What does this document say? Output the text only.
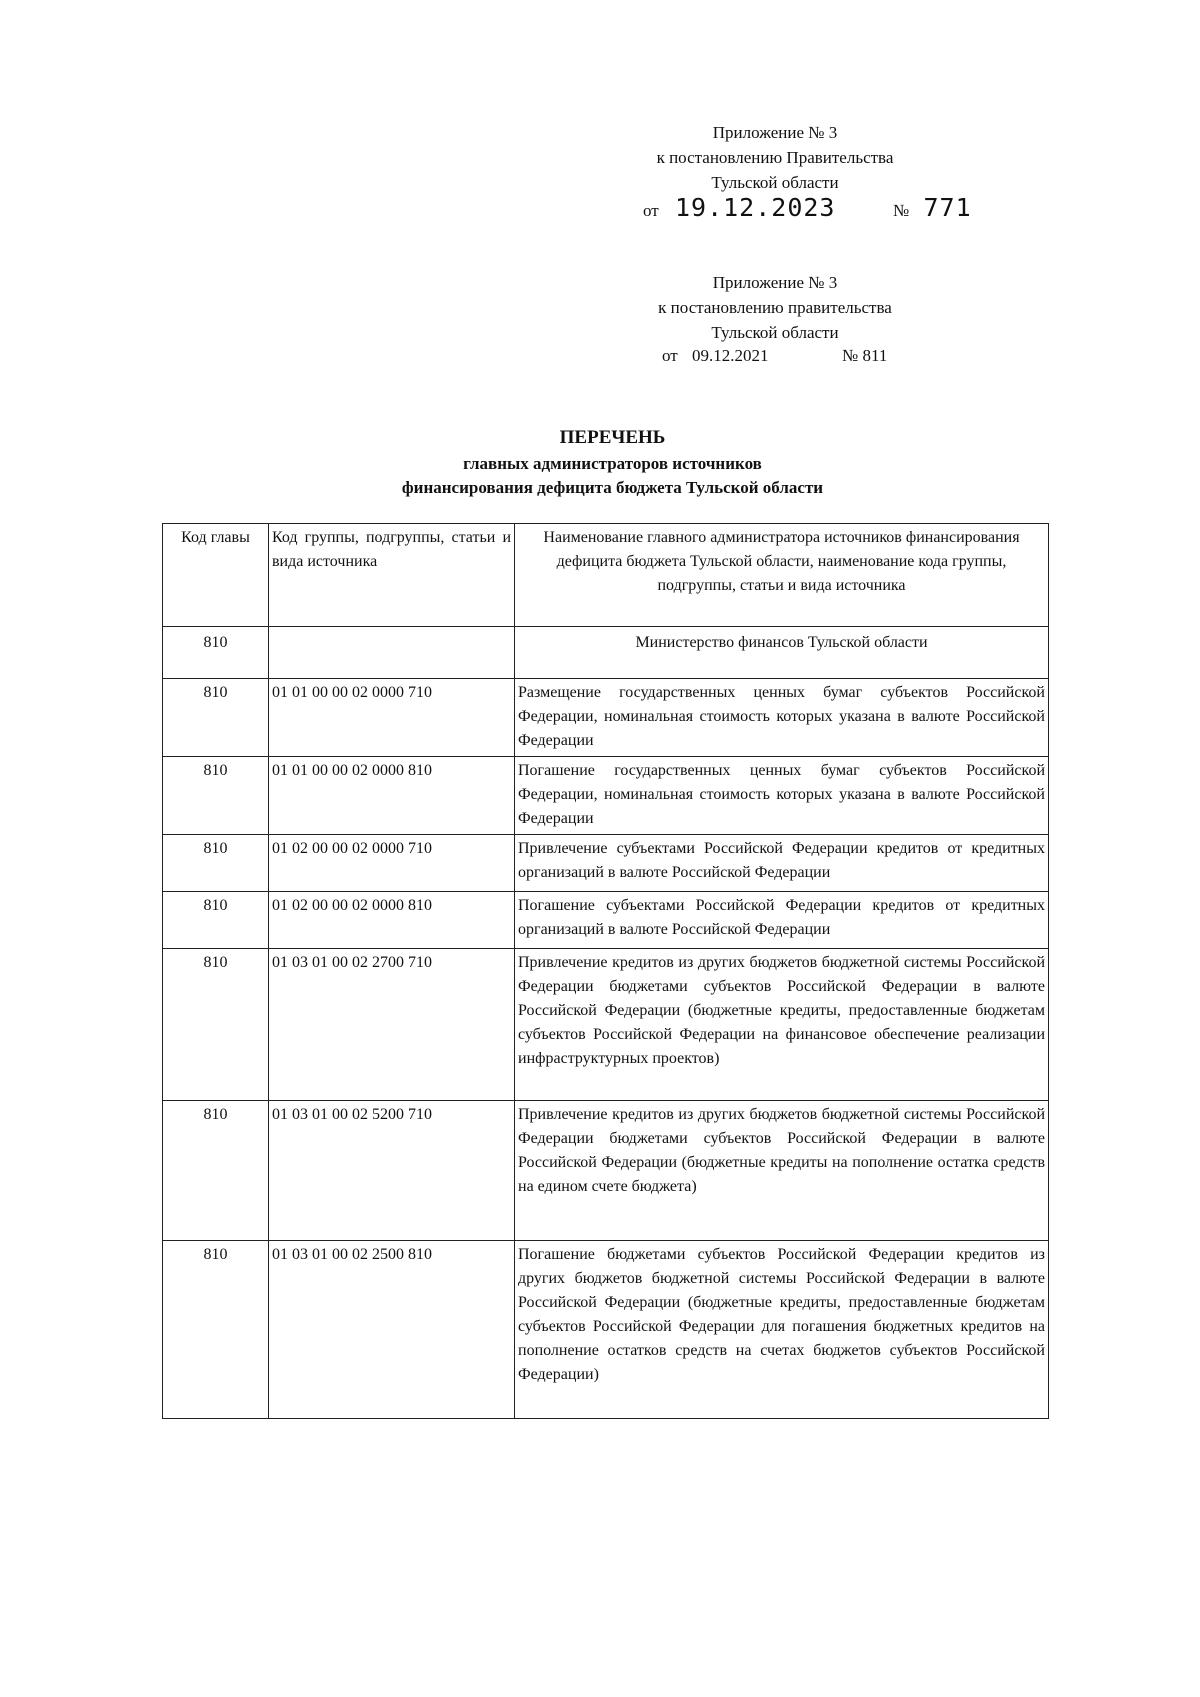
Приложение № 3
к постановлению Правительства
Тульской области
от 19.12.2023	№ 771
Приложение № 3
к постановлению правительства
Тульской области
от 09.12.2021	№ 811
ПЕРЕЧЕНЬ
главных администраторов источников
финансирования дефицита бюджета Тульской области
Код главы	Код группы, подгруппы, статьи и вида источника	Наименование главного администратора источников финансирования дефицита бюджета Тульской области, наименование кода группы, подгруппы, статьи и вида источника
810		Министерство финансов Тульской области
810	01 01 00 00 02 0000 710	Размещение государственных ценных бумаг субъектов Российской Федерации, номинальная стоимость которых указана в валюте Российской Федерации
810	01 01 00 00 02 0000 810	Погашение государственных ценных бумаг субъектов Российской Федерации, номинальная стоимость которых указана в валюте Российской Федерации
810	01 02 00 00 02 0000 710	Привлечение субъектами Российской Федерации кредитов от кредитных организаций в валюте Российской Федерации
810	01 02 00 00 02 0000 810	Погашение субъектами Российской Федерации кредитов от кредитных организаций в валюте Российской Федерации
810	01 03 01 00 02 2700 710	Привлечение кредитов из других бюджетов бюджетной системы Российской Федерации бюджетами субъектов Российской Федерации в валюте Российской Федерации (бюджетные кредиты, предоставленные бюджетам субъектов Российской Федерации на финансовое обеспечение реализации инфраструктурных проектов)
810	01 03 01 00 02 5200 710	Привлечение кредитов из других бюджетов бюджетной системы Российской Федерации бюджетами субъектов Российской Федерации в валюте Российской Федерации (бюджетные кредиты на пополнение остатка средств на едином счете бюджета)
810	01 03 01 00 02 2500 810	Погашение бюджетами субъектов Российской Федерации кредитов из других бюджетов бюджетной системы Российской Федерации в валюте Российской Федерации (бюджетные кредиты, предоставленные бюджетам субъектов Российской Федерации для погашения бюджетных кредитов на пополнение остатков средств на счетах бюджетов субъектов Российской Федерации)
